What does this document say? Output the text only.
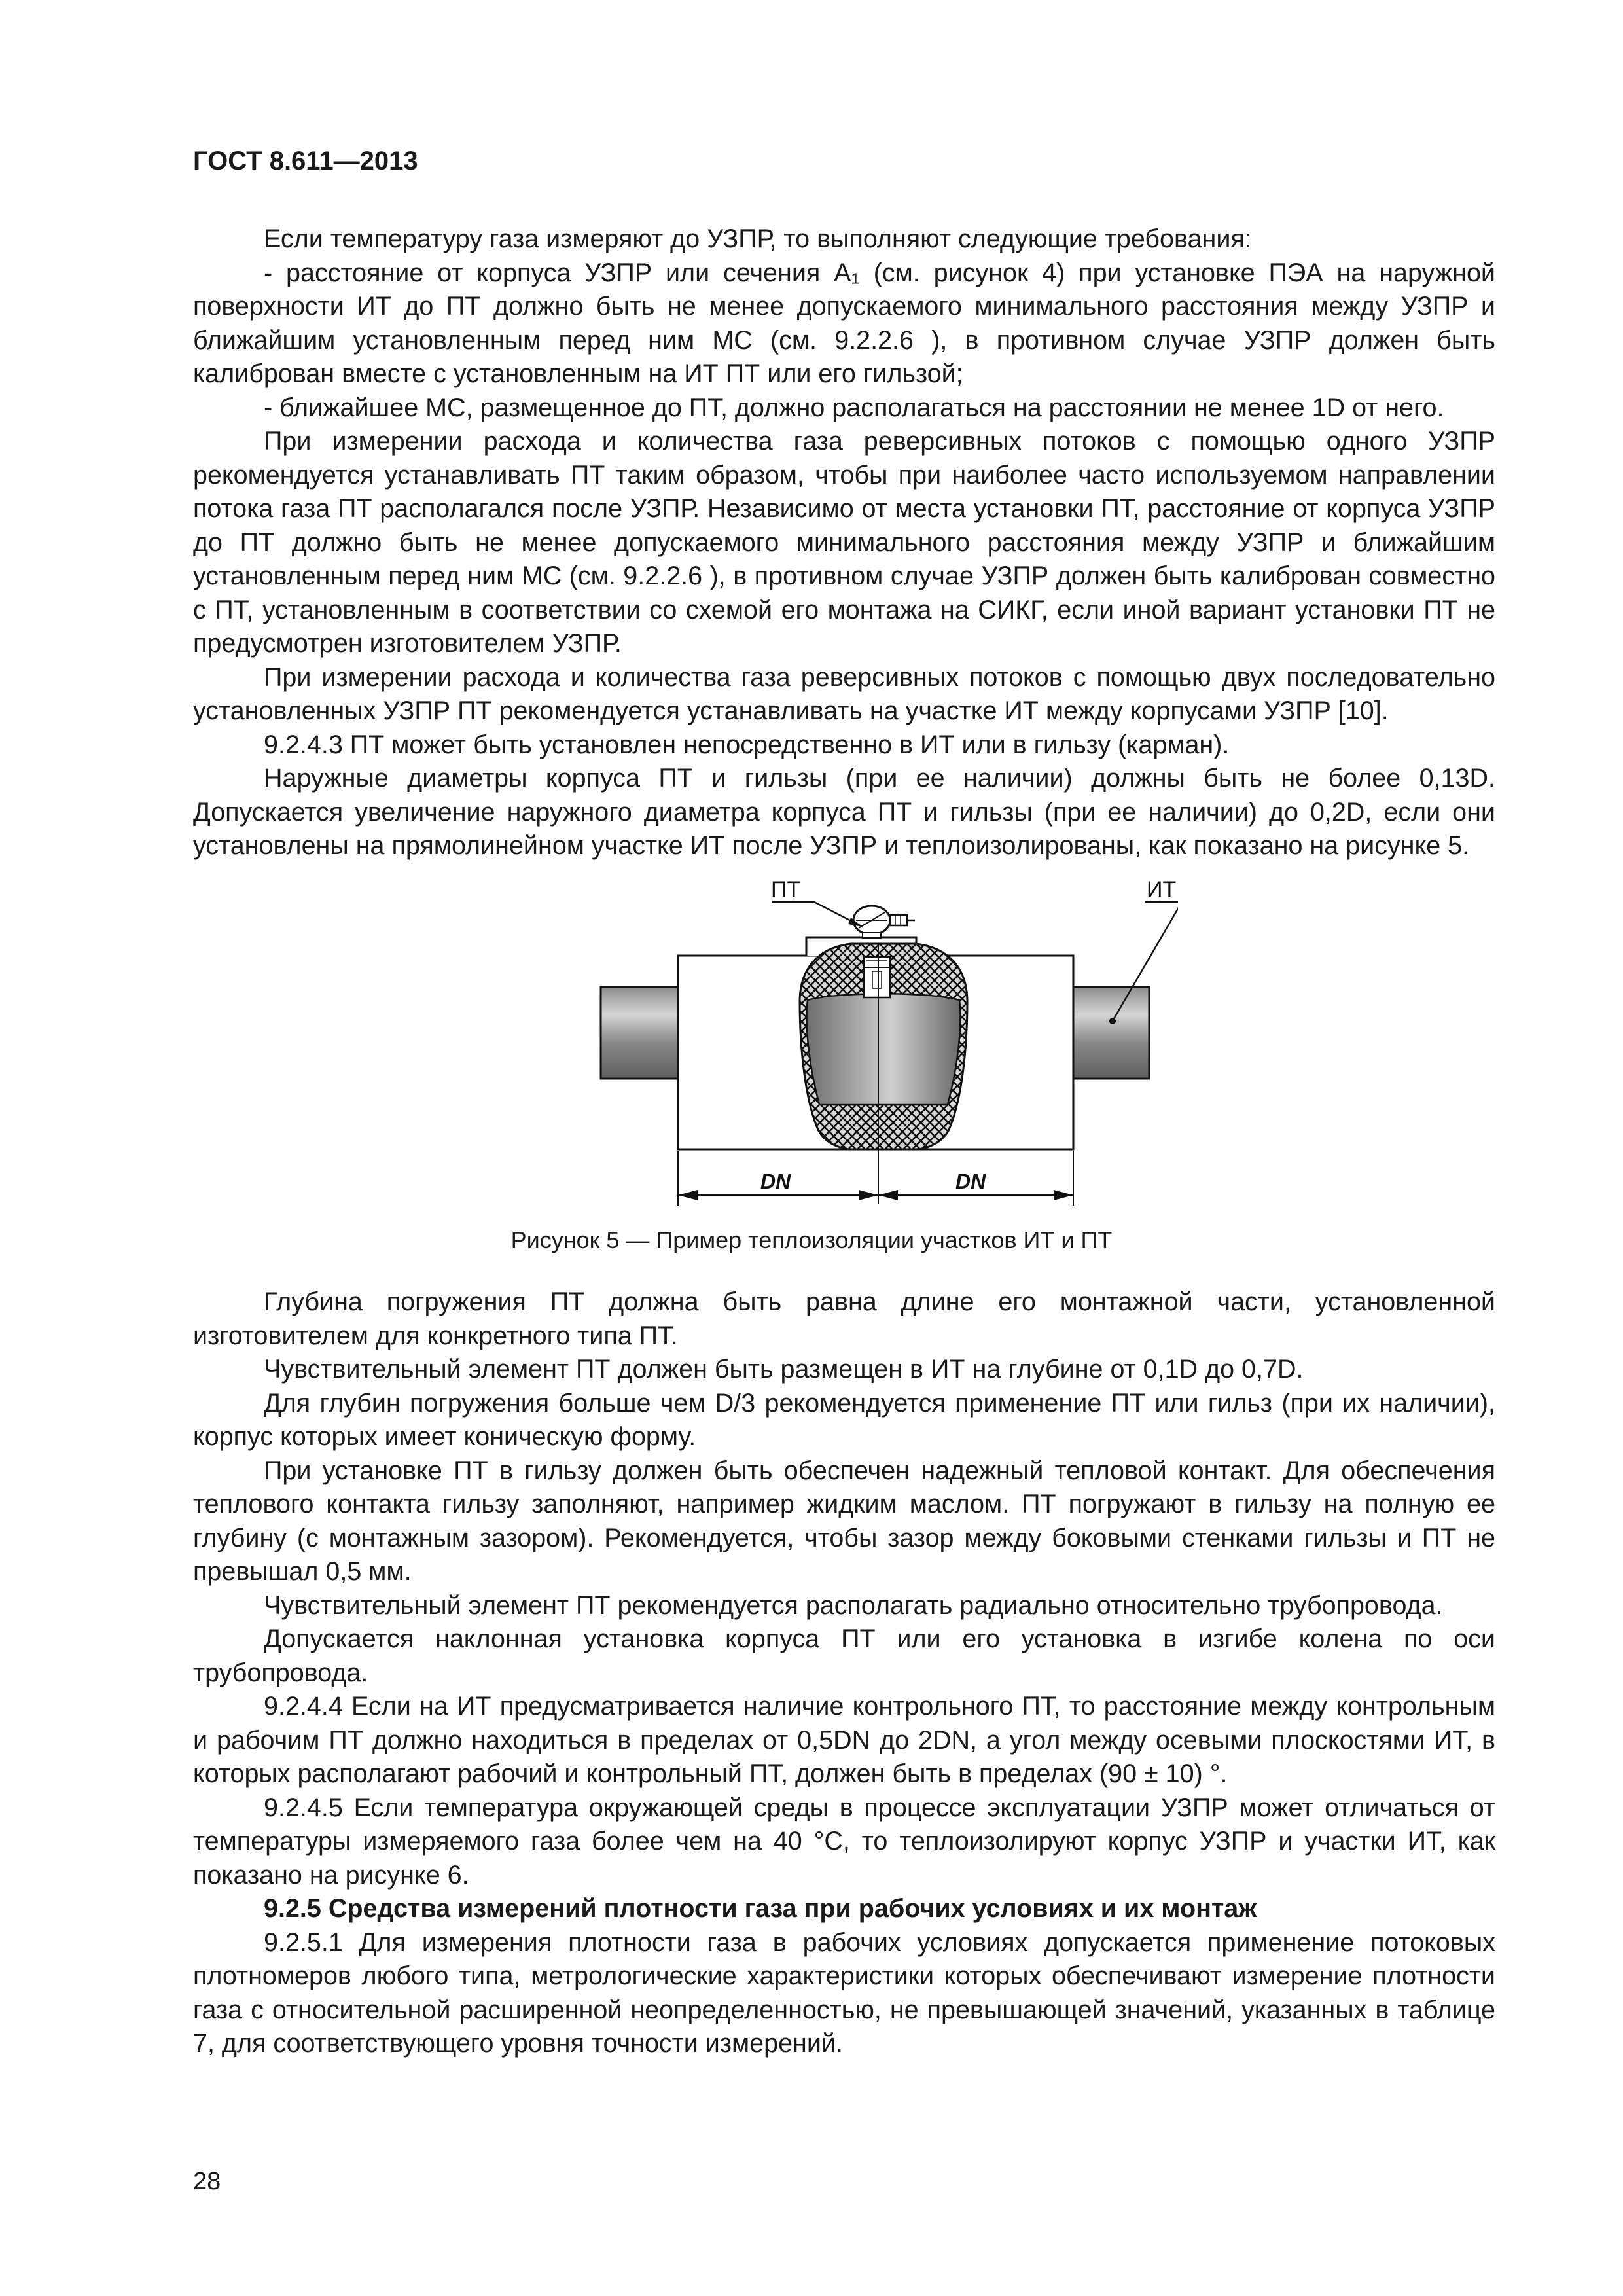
ГОСТ 8.611—2013

Если температуру газа измеряют до УЗПР, то выполняют следующие требования:

- расстояние от корпуса УЗПР или сечения A₁ (см. рисунок 4) при установке ПЭА на наружной поверхности ИТ до ПТ должно быть не менее допускаемого минимального расстояния между УЗПР и ближайшим установленным перед ним МС (см. 9.2.2.6 ), в противном случае УЗПР должен быть калиброван вместе с установленным на ИТ ПТ или его гильзой;

- ближайшее МС, размещенное до ПТ, должно располагаться на расстоянии не менее 1D от него.

При измерении расхода и количества газа реверсивных потоков с помощью одного УЗПР рекомендуется устанавливать ПТ таким образом, чтобы при наиболее часто используемом направлении потока газа ПТ располагался после УЗПР. Независимо от места установки ПТ, расстояние от корпуса УЗПР до ПТ должно быть не менее допускаемого минимального расстояния между УЗПР и ближайшим установленным перед ним МС (см. 9.2.2.6 ), в противном случае УЗПР должен быть калиброван совместно с ПТ, установленным в соответствии со схемой его монтажа на СИКГ, если иной вариант установки ПТ не предусмотрен изготовителем УЗПР.

При измерении расхода и количества газа реверсивных потоков с помощью двух последовательно установленных УЗПР ПТ рекомендуется устанавливать на участке ИТ между корпусами УЗПР [10].

9.2.4.3 ПТ может быть установлен непосредственно в ИТ или в гильзу (карман).

Наружные диаметры корпуса ПТ и гильзы (при ее наличии) должны быть не более 0,13D. Допускается увеличение наружного диаметра корпуса ПТ и гильзы (при ее наличии) до 0,2D, если они установлены на прямолинейном участке ИТ после УЗПР и теплоизолированы, как показано на рисунке 5.

ПТ	ИТ
DN	DN
Рисунок 5 — Пример теплоизоляции участков ИТ и ПТ

Глубина погружения ПТ должна быть равна длине его монтажной части, установленной изготовителем для конкретного типа ПТ.

Чувствительный элемент ПТ должен быть размещен в ИТ на глубине от 0,1D до 0,7D.

Для глубин погружения больше чем D/3 рекомендуется применение ПТ или гильз (при их наличии), корпус которых имеет коническую форму.

При установке ПТ в гильзу должен быть обеспечен надежный тепловой контакт. Для обеспечения теплового контакта гильзу заполняют, например жидким маслом. ПТ погружают в гильзу на полную ее глубину (с монтажным зазором). Рекомендуется, чтобы зазор между боковыми стенками гильзы и ПТ не превышал 0,5 мм.

Чувствительный элемент ПТ рекомендуется располагать радиально относительно трубопровода.

Допускается наклонная установка корпуса ПТ или его установка в изгибе колена по оси трубопровода.

9.2.4.4 Если на ИТ предусматривается наличие контрольного ПТ, то расстояние между контрольным и рабочим ПТ должно находиться в пределах от 0,5DN до 2DN, а угол между осевыми плоскостями ИТ, в которых располагают рабочий и контрольный ПТ, должен быть в пределах (90 ± 10) °.

9.2.4.5 Если температура окружающей среды в процессе эксплуатации УЗПР может отличаться от температуры измеряемого газа более чем на 40 °С, то теплоизолируют корпус УЗПР и участки ИТ, как показано на рисунке 6.

9.2.5 Средства измерений плотности газа при рабочих условиях и их монтаж

9.2.5.1 Для измерения плотности газа в рабочих условиях допускается применение потоковых плотномеров любого типа, метрологические характеристики которых обеспечивают измерение плотности газа с относительной расширенной неопределенностью, не превышающей значений, указанных в таблице 7, для соответствующего уровня точности измерений.

28
